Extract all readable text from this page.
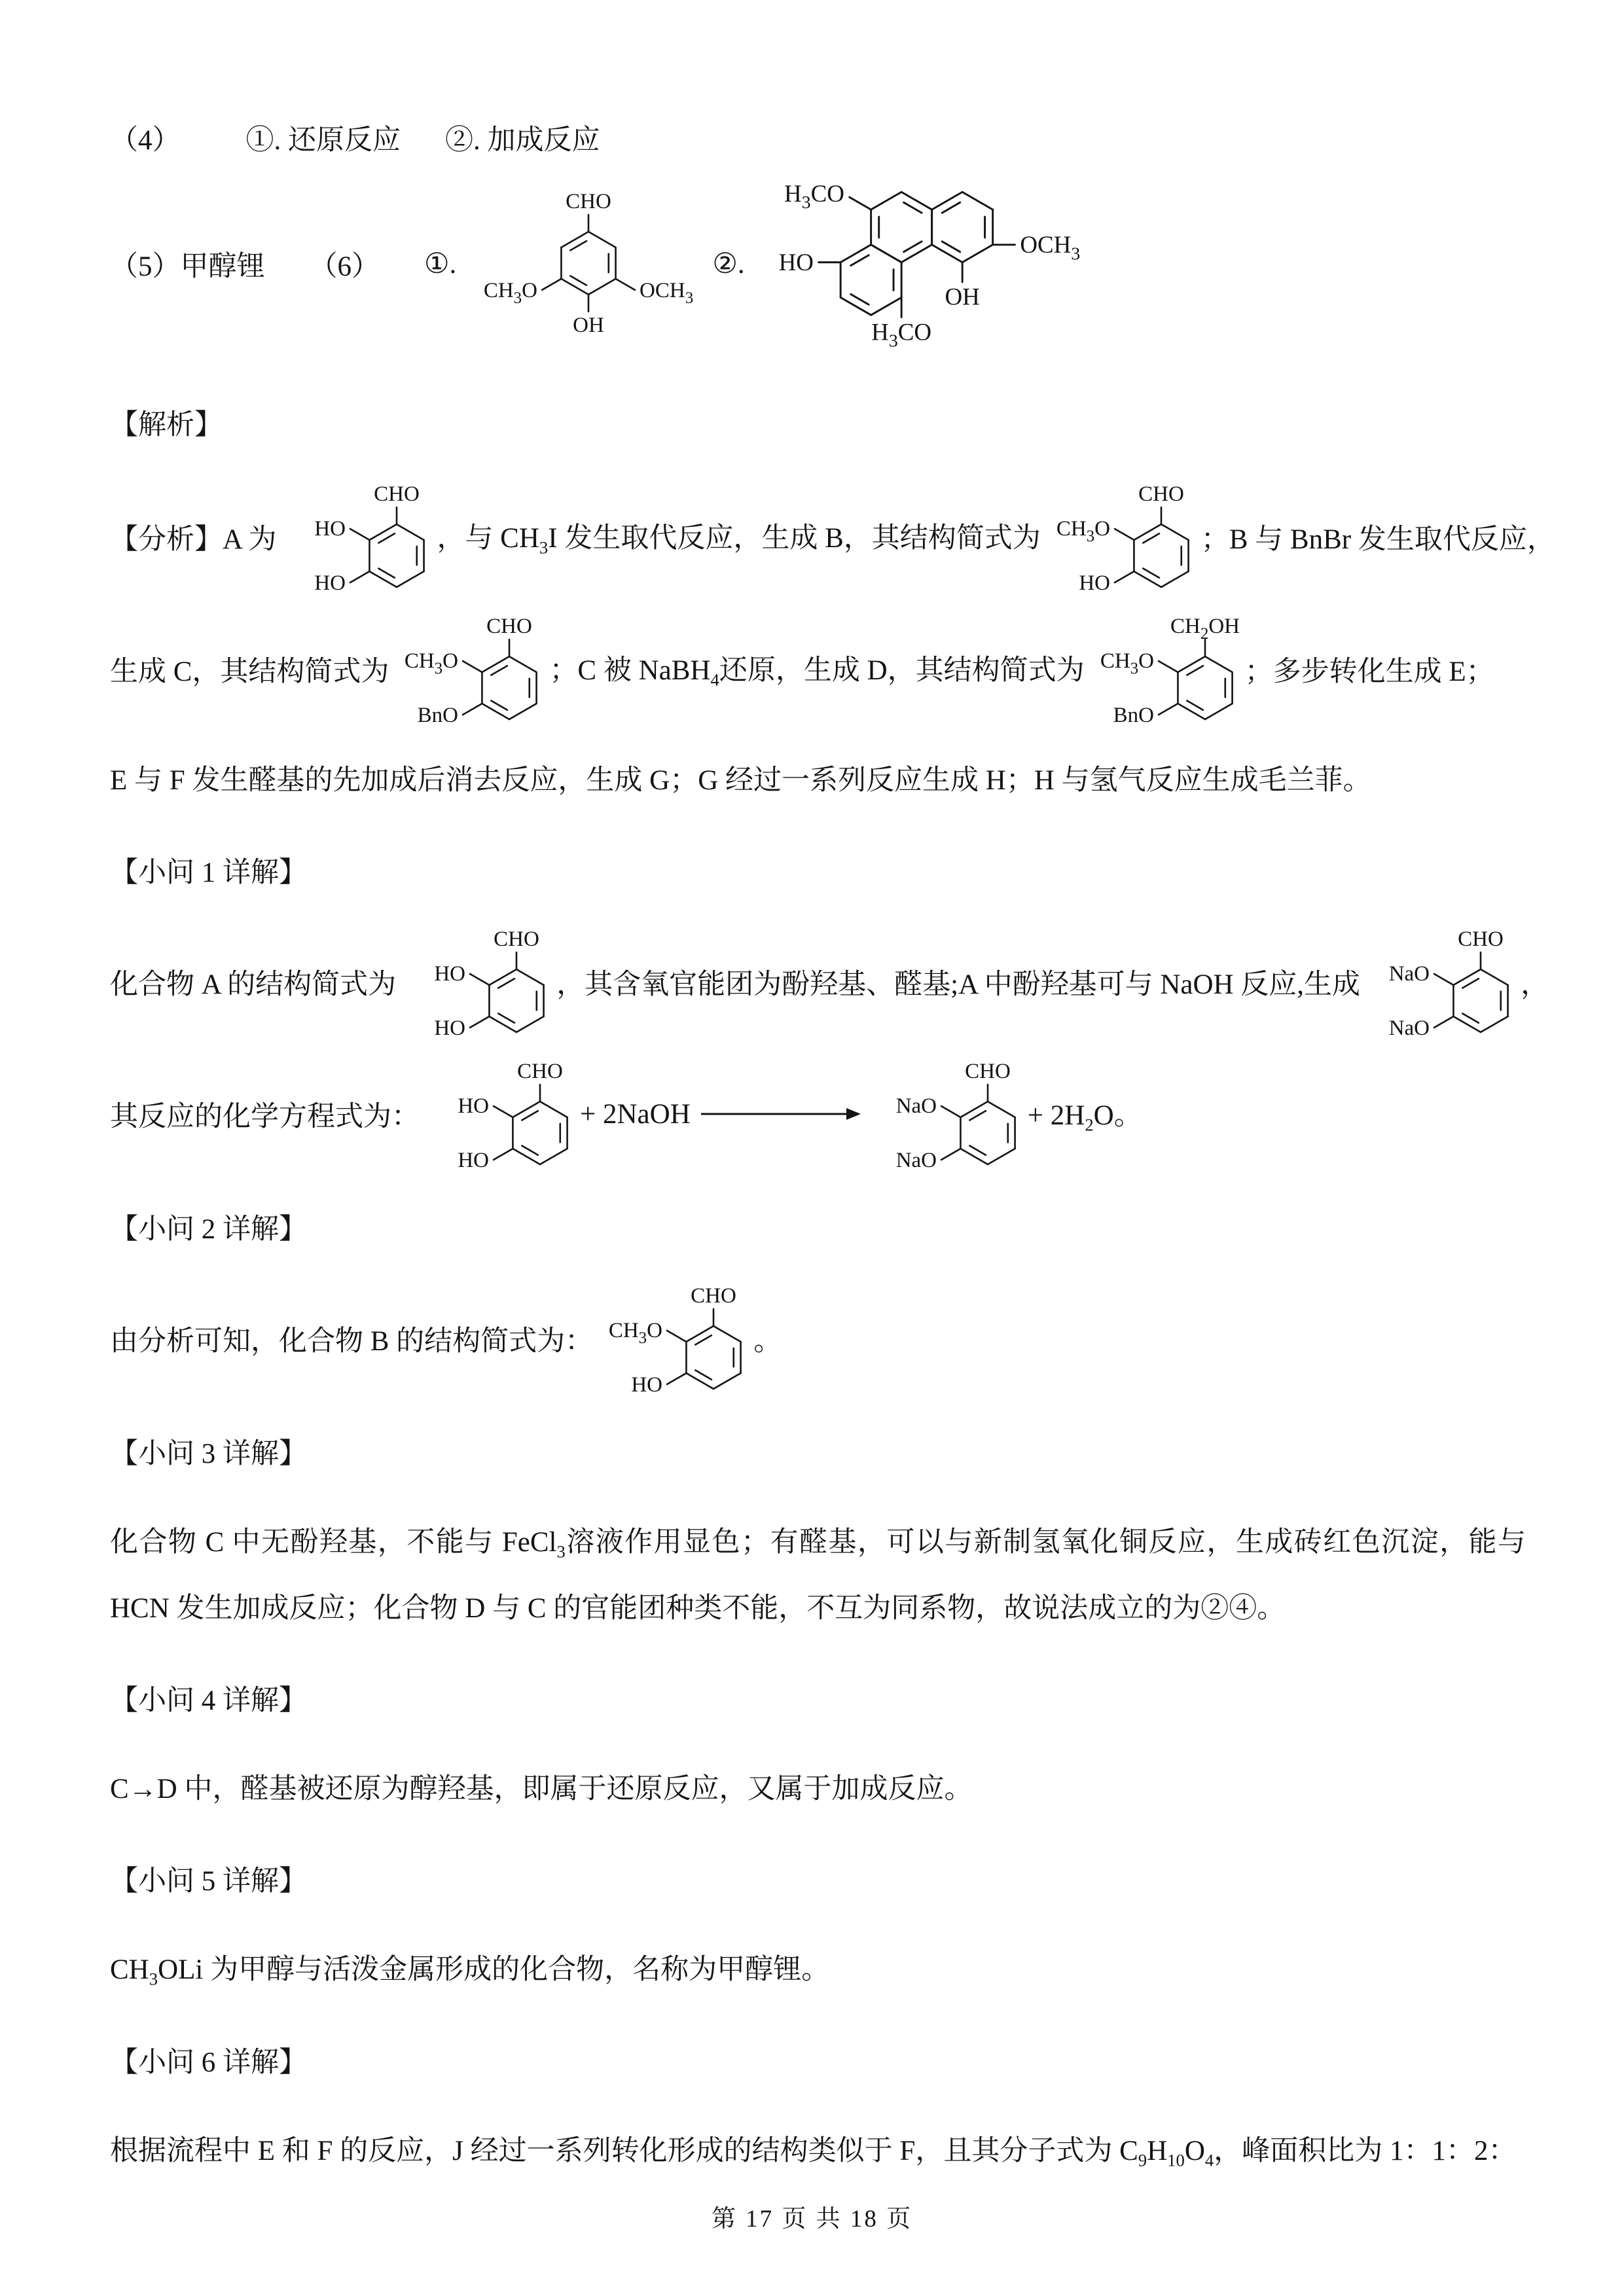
（4） ①. 还原反应 ②. 加成反应
（5）甲醇锂 （6） ①.
CHO
$CH_3O$	$OCH_3$
OH
②.
$H_3CO$
HO
$OCH_3$
$H_3CO$
OH

【解析】

【分析】A 为
CHO
HO
HO
，与 $CH_3I$ 发生取代反应，生成 B，其结构简式为
CHO
$CH_3O$
HO
；B 与 BnBr 发生取代反应，
生成 C，其结构简式为
CHO
$CH_3O$
BnO
；C 被 NaBH$_4$还原，生成 D，其结构简式为
$CH_2OH$
$CH_3O$
BnO
；多步转化生成 E；

E 与 F 发生醛基的先加成后消去反应，生成 G；G 经过一系列反应生成 H；H 与氢气反应生成毛兰菲。

【小问 1 详解】

化合物 A 的结构简式为
CHO
HO
HO
，其含氧官能团为酚羟基、醛基;A 中酚羟基可与 NaOH 反应,生成
CHO
NaO
NaO
，
其反应的化学方程式为：
CHO
HO
HO
+ 2NaOH
CHO
NaO
NaO
+ $2H_2O$。

【小问 2 详解】

由分析可知，化合物 B 的结构简式为：
CHO
$CH_3O$
HO
。

【小问 3 详解】

化合物 C 中无酚羟基，不能与 FeCl$_3$溶液作用显色；有醛基，可以与新制氢氧化铜反应，生成砖红色沉淀，能与 HCN 发生加成反应；化合物 D 与 C 的官能团种类不能，不互为同系物，故说法成立的为②④。

【小问 4 详解】

C→D 中，醛基被还原为醇羟基，即属于还原反应，又属于加成反应。

【小问 5 详解】

$CH_3OLi$ 为甲醇与活泼金属形成的化合物，名称为甲醇锂。

【小问 6 详解】

根据流程中 E 和 F 的反应，J 经过一系列转化形成的结构类似于 F，且其分子式为 $C_9H_{10}O_4$，峰面积比为 1：1：2：

第 17 页 共 18 页
